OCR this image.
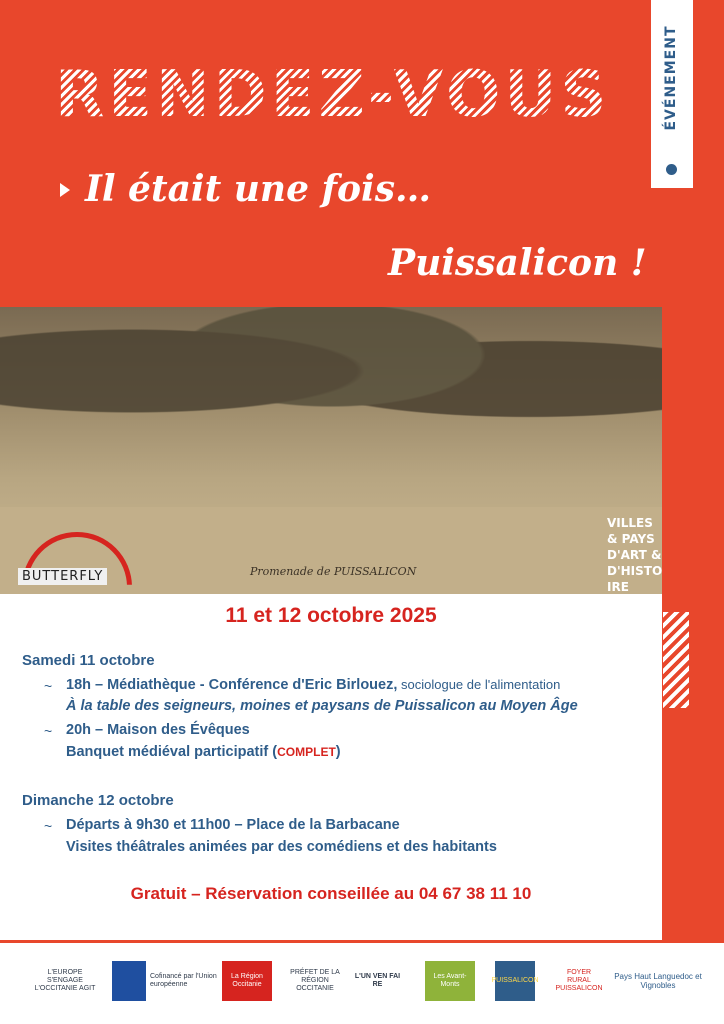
RENDEZ-VOUS	ÉVÉNEMENT
Il était une fois…
Puissalicon !
Promenade de PUISSALICON
BUTTERFLY
VILLES
& PAYS
D'ART &
D'HISTO
IRE
11 et 12 octobre 2025
Samedi 11 octobre
~ 18h – Médiathèque - Conférence d'Eric Birlouez, sociologue de l'alimentation
À la table des seigneurs, moines et paysans de Puissalicon au Moyen Âge
~ 20h – Maison des Évêques
Banquet médiéval participatif (COMPLET)
Dimanche 12 octobre
~ Départs à 9h30 et 11h00 – Place de la Barbacane
Visites théâtrales animées par des comédiens et des habitants
Gratuit – Réservation conseillée au 04 67 38 11 10
L'EUROPE S'ENGAGE L'OCCITANIE AGIT
Cofinancé par l'Union européenne
La Région Occitanie
PRÉFET DE LA RÉGION OCCITANIE
L'UN VEN FAI RE
Les Avant-Monts
PUISSALICON
FOYER RURAL PUISSALICON
Pays Haut Languedoc et Vignobles
